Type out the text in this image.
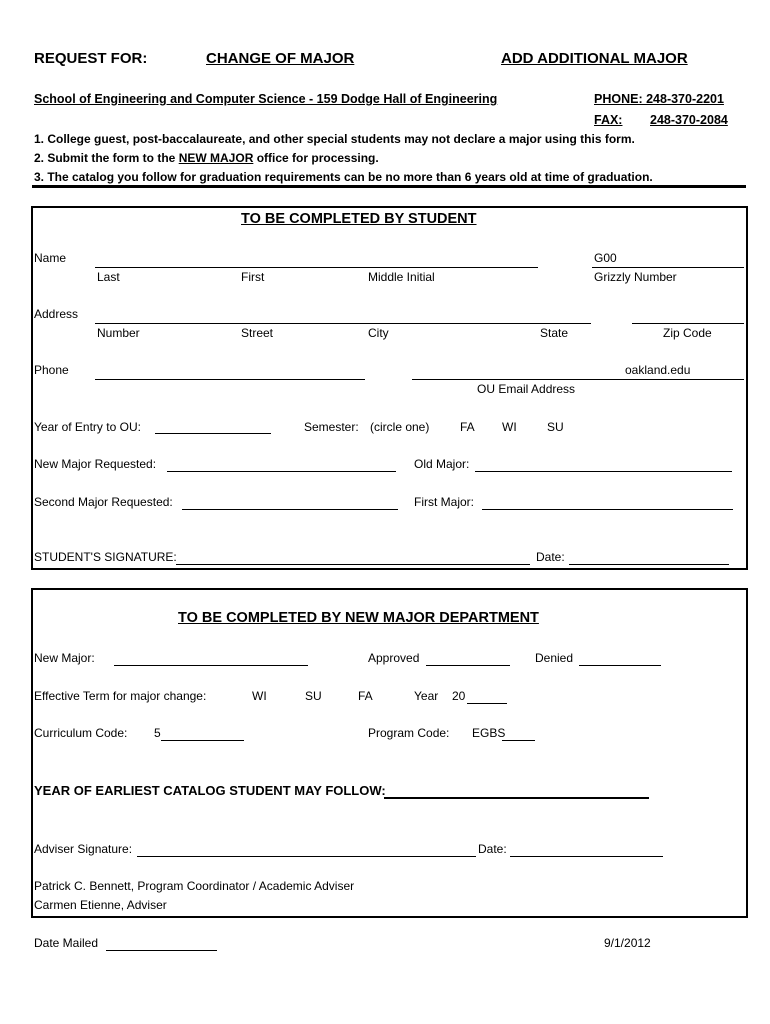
REQUEST FOR:	CHANGE OF MAJOR	ADD ADDITIONAL MAJOR
School of Engineering and Computer Science - 159 Dodge Hall of Engineering	PHONE: 248-370-2201
FAX: 248-370-2084
1. College guest, post-baccalaureate, and other special students may not declare a major using this form.
2. Submit the form to the NEW MAJOR office for processing.
3. The catalog you follow for graduation requirements can be no more than 6 years old at time of graduation.
TO BE COMPLETED BY STUDENT
Name	G00
Last	First	Middle Initial	Grizzly Number
Address
Number	Street	City	State	Zip Code
Phone	oakland.edu
OU Email Address
Year of Entry to OU:	Semester: (circle one)	FA WI	SU
New Major Requested:	Old Major:
Second Major Requested:	First Major:
STUDENT'S SIGNATURE:	Date:
TO BE COMPLETED BY NEW MAJOR DEPARTMENT
New Major:	Approved	Denied
Effective Term for major change:	WI	SU	FA	Year 20
Curriculum Code: 5	Program Code: EGBS
YEAR OF EARLIEST CATALOG STUDENT MAY FOLLOW:
Adviser Signature:	Date:
Patrick C. Bennett, Program Coordinator / Academic Adviser
Carmen Etienne, Adviser
Date Mailed	9/1/2012
